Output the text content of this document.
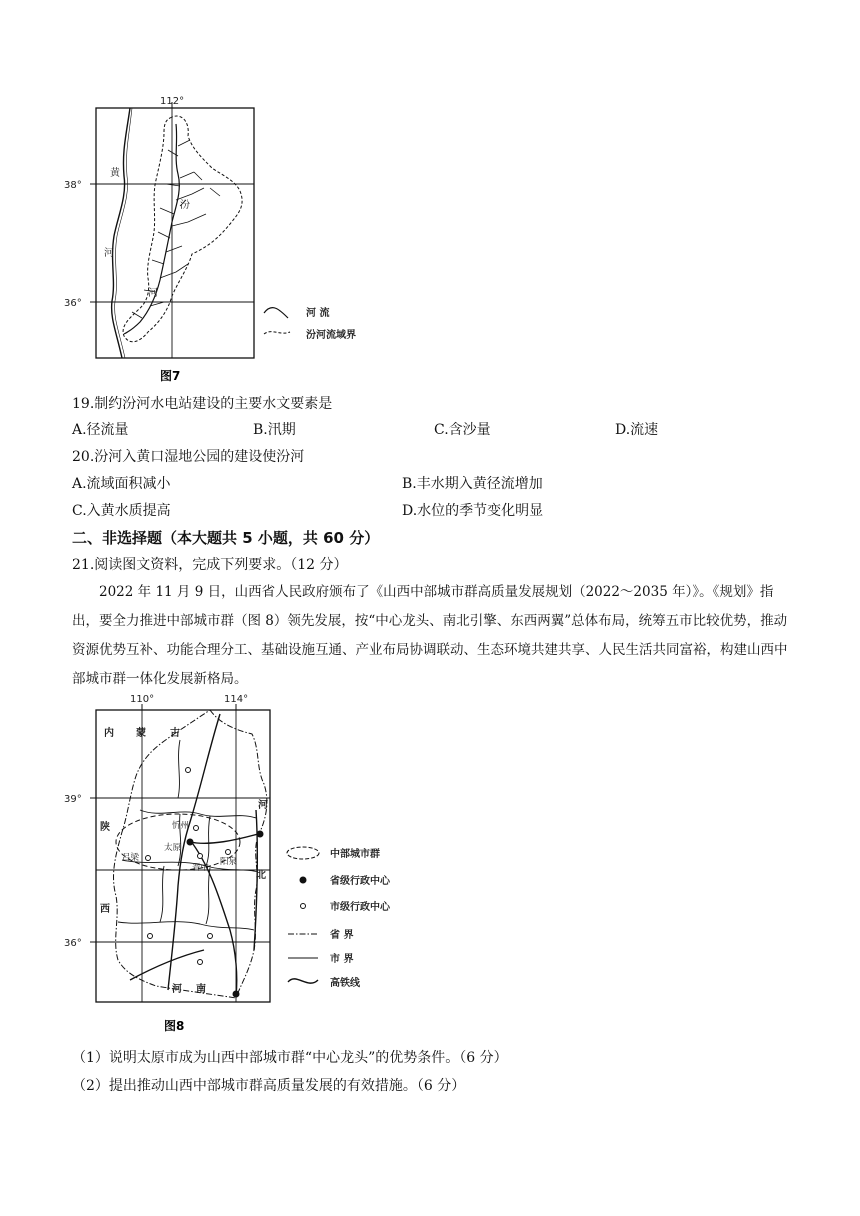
112°
38°
36°
黄
河
汾
河
河 流
汾河流域界
图7
19.制约汾河水电站建设的主要水文要素是
A.径流量	B.汛期	C.含沙量	D.流速
20.汾河入黄口湿地公园的建设使汾河
A.流域面积减小	B.丰水期入黄径流增加
C.入黄水质提高	D.水位的季节变化明显
二、非选择题（本大题共 5 小题，共 60 分）
21.阅读图文资料，完成下列要求。（12 分）
2022 年 11 月 9 日，山西省人民政府颁布了《山西中部城市群高质量发展规划（2022～2035 年）》。《规划》指出，要全力推进中部城市群（图 8）领先发展，按“中心龙头、南北引擎、东西两翼”总体布局，统筹五市比较优势，推动资源优势互补、功能合理分工、基础设施互通、产业布局协调联动、生态环境共建共享、人民生活共同富裕，构建山西中部城市群一体化发展新格局。
110°	114°
39°
36°
内 蒙 古
陕
西
河
北
河 南
忻州
太原
阳泉
吕梁
晋中
中部城市群
省级行政中心
市级行政中心
省 界
市 界
高铁线
图8
（1）说明太原市成为山西中部城市群“中心龙头”的优势条件。（6 分）
（2）提出推动山西中部城市群高质量发展的有效措施。（6 分）
